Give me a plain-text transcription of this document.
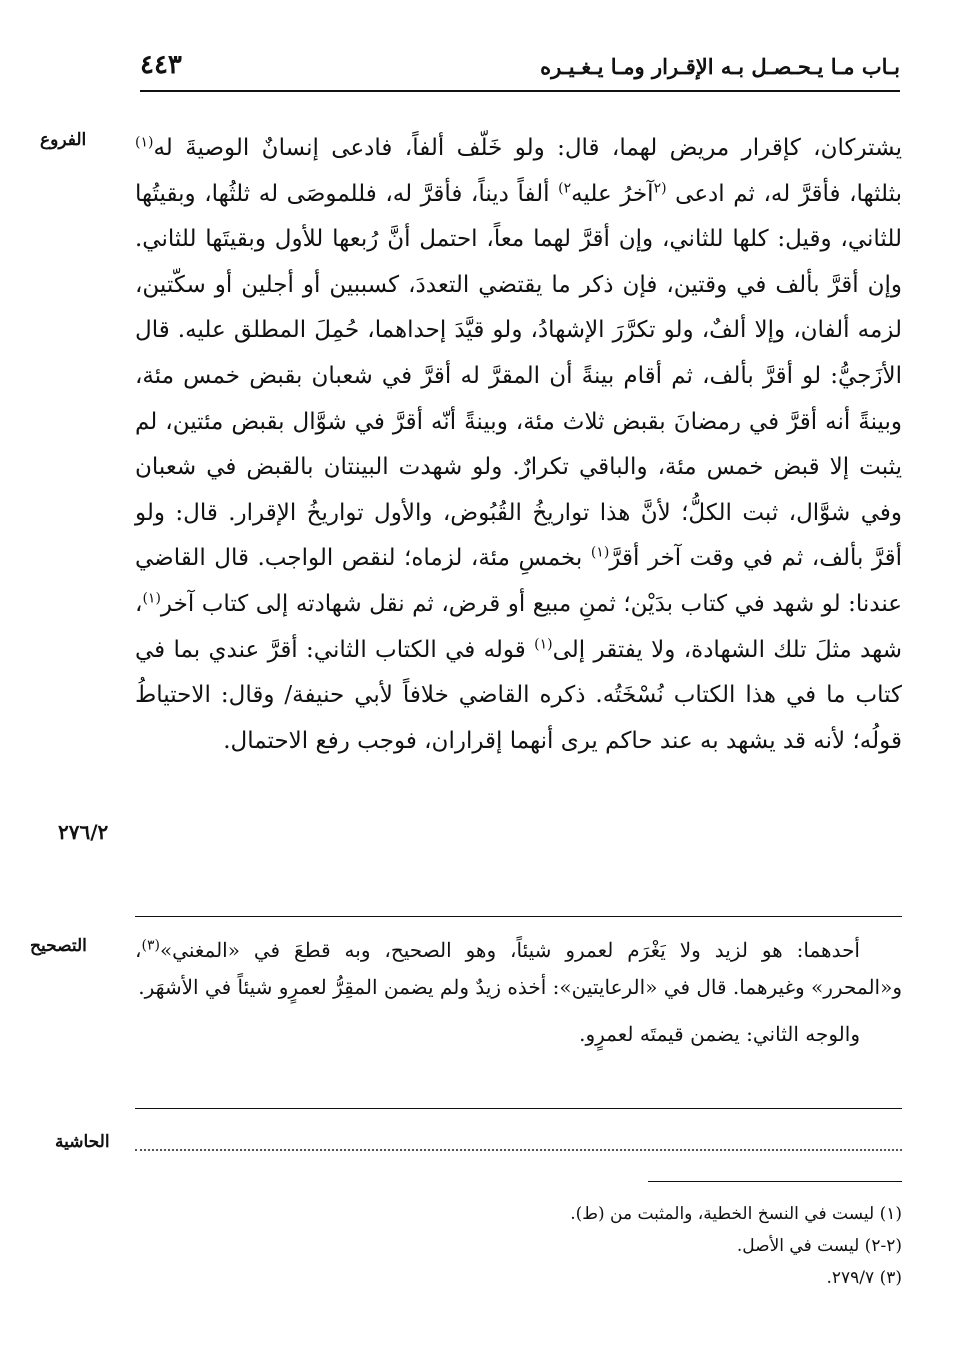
بـاب مـا يـحـصـل بـه الإقـرار ومـا يـغـيـره
٤٤٣
الفروع	يشتركان، كإقرار مريض لهما، قال: ولو خَلّف ألفاً، فادعى إنسانٌ الوصيةَ له$^{(١)}$ بثلثها، فأقرَّ له، ثم ادعى $^{(٢}$آخرُ عليه$^{٢)}$ ألفاً ديناً، فأقرَّ له، فللموصَى له ثلثُها، وبقيتُها للثاني، وقيل: كلها للثاني، وإن أقرَّ لهما معاً، احتمل أنَّ رُبعها للأول وبقيتَها للثاني. وإن أقرَّ بألف في وقتين، فإن ذكر ما يقتضي التعددَ، كسببين أو أجلين أو سكّتين، لزمه ألفان، وإلا ألفٌ، ولو تكرَّرَ الإشهادُ، ولو قيَّدَ إحداهما، حُمِلَ المطلق عليه. قال الأزَجيُّ: لو أقرَّ بألف، ثم أقام بينةً أن المقرَّ له أقرَّ في شعبان بقبض خمس مئة، وبينةً أنه أقرَّ في رمضانَ بقبض ثلاث مئة، وبينةً أنّه أقرَّ في شوَّال بقبض مئتين، لم يثبت إلا قبض خمس مئة، والباقي تكرارٌ. ولو شهدت البينتان بالقبض في شعبان وفي شوَّال، ثبت الكلُّ؛ لأنَّ هذا تواريخُ القُبُوض، والأول تواريخُ الإقرار. قال: ولو أقرَّ بألف، ثم في وقت آخر أقرَّ$^{(١)}$ بخمسِ مئة، لزماه؛ لنقص الواجب. قال القاضي عندنا: لو شهد في كتاب بدَيْن؛ ثمنِ مبيع أو قرض، ثم نقل شهادته إلى كتاب آخر$^{(١)}$، شهد مثلَ تلك الشهادة، ولا يفتقر إلى$^{(١)}$ قوله في الكتاب الثاني: أقرَّ عندي بما في كتاب ما في هذا الكتاب نُسْخَتُه. ذكره القاضي خلافاً لأبي حنيفة/ وقال: الاحتياطُ قولُه؛ لأنه قد يشهد به عند حاكم يرى أنهما إقراران، فوجب رفع الاحتمال.

٢٧٦/٢
التصحيح	أحدهما: هو لزيد ولا يَغْرَم لعمرو شيئاً، وهو الصحيح، وبه قطعَ في «المغني»$^{(٣)}$، و«المحرر» وغيرهما. قال في «الرعايتين»: أخذه زيدٌ ولم يضمن المقِرُّ لعمرٍو شيئاً في الأشهَر.

والوجه الثاني: يضمن قيمتَه لعمرٍو.

الحاشية
(١) ليست في النسخ الخطية، والمثبت من (ط).
(٢-٢) ليست في الأصل.
(٣) ٢٧٩/٧.
